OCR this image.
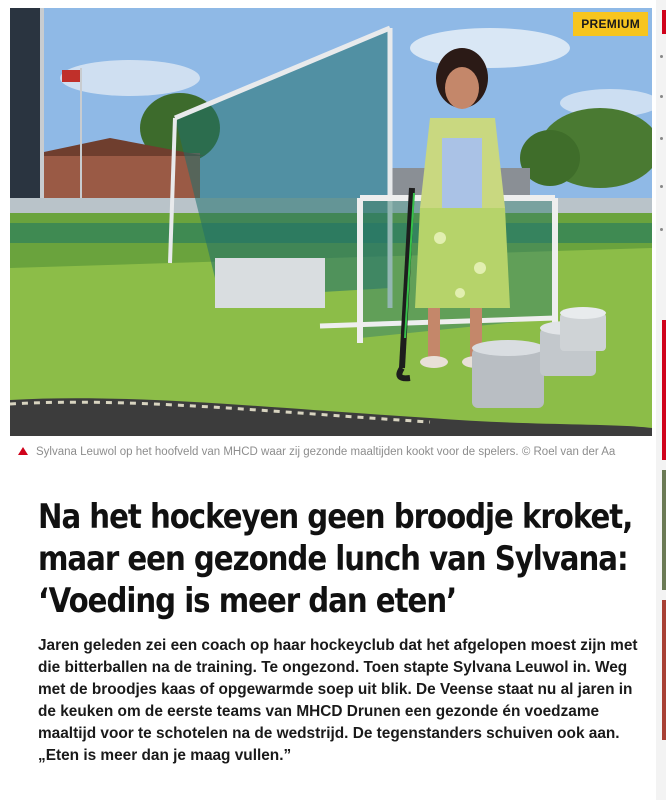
PREMIUM
Sylvana Leuwol op het hoofveld van MHCD waar zij gezonde maaltijden kookt voor de spelers. © Roel van der Aa
Na het hockeyen geen broodje kroket, maar een gezonde lunch van Sylvana: ‘Voeding is meer dan eten’

Jaren geleden zei een coach op haar hockeyclub dat het afgelopen moest zijn met die bitterballen na de training. Te ongezond. Toen stapte Sylvana Leuwol in. Weg met de broodjes kaas of opgewarmde soep uit blik. De Veense staat nu al jaren in de keuken om de eerste teams van MHCD Drunen een gezonde én voedzame maaltijd voor te schotelen na de wedstrijd. De tegenstanders schuiven ook aan. „Eten is meer dan je maag vullen.”
